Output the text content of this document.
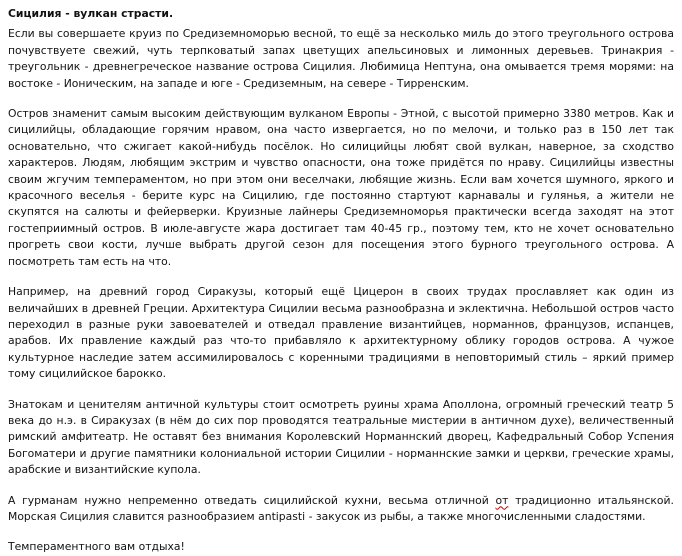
Сицилия - вулкан страсти.

Если вы совершаете круиз по Средиземноморью весной, то ещё за несколько миль до этого треугольного острова почувствуете свежий, чуть терпковатый запах цветущих апельсиновых и лимонных деревьев. Тринакрия - треугольник - древнегреческое название острова Сицилия. Любимица Нептуна, она омывается тремя морями: на востоке - Ионическим, на западе и юге - Средиземным, на севере - Тирренским.

Остров знаменит самым высоким действующим вулканом Европы - Этной, с высотой примерно 3380 метров. Как и сицилийцы, обладающие горячим нравом, она часто извергается, но по мелочи, и только раз в 150 лет так основательно, что сжигает какой-нибудь посёлок. Но силицийцы любят свой вулкан, наверное, за сходство характеров. Людям, любящим экстрим и чувство опасности, она тоже придётся по нраву. Сицилийцы известны своим жгучим темпераментом, но при этом они веселчаки, любящие жизнь. Если вам хочется шумного, яркого и красочного веселья - берите курс на Сицилию, где постоянно стартуют карнавалы и гулянья, а жители не скупятся на салюты и фейерверки. Круизные лайнеры Средиземноморья практически всегда заходят на этот гостеприимный остров. В июле-августе жара достигает там 40-45 гр., поэтому тем, кто не хочет основательно прогреть свои кости, лучше выбрать другой сезон для посещения этого бурного треугольного острова. А посмотреть там есть на что.

Например, на древний город Сиракузы, который ещё Цицерон в своих трудах прославляет как один из величайших в древней Греции. Архитектура Сицилии весьма разнообразна и эклектична. Небольшой остров часто переходил в разные руки завоевателей и отведал правление византийцев, норманнов, французов, испанцев, арабов. Их правление каждый раз что-то прибавляло к архитектурному облику городов острова. А чужое культурное наследие затем ассимилировалось с коренными традициями в неповторимый стиль – яркий пример тому сицилийское барокко.

Знатокам и ценителям античной культуры стоит осмотреть руины храма Аполлона, огромный греческий театр 5 века до н.э. в Сиракузах (в нём до сих пор проводятся театральные мистерии в античном духе), величественный римский амфитеатр. Не оставят без внимания Королевский Норманнский дворец, Кафедральный Собор Успения Богоматери и другие памятники колониальной истории Сицилии - норманнские замки и церкви, греческие храмы, арабские и византийские купола.

А гурманам нужно непременно отведать сицилийской кухни, весьма отличной от традиционно итальянской. Морская Сицилия славится разнообразием antipasti - закусок из рыбы, а также многочисленными сладостями.

Темпераментного вам отдыха!
